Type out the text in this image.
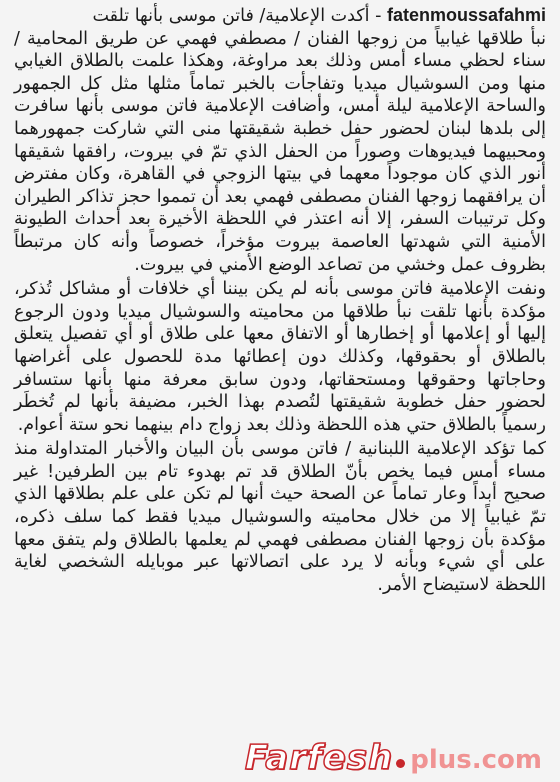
fatenmoussafahmi - أكدت الإعلامية/ فاتن موسى بأنها تلقت

نبأ طلاقها غيابياً من زوجها الفنان / مصطفي فهمي عن طريق المحامية / سناء لحظي مساء أمس وذلك بعد مراوغة، وهكذا علمت بالطلاق الغيابي منها ومن السوشيال ميديا وتفاجأت بالخبر تماماً مثلها مثل كل الجمهور والساحة الإعلامية ليلة أمس، وأضافت الإعلامية فاتن موسى بأنها سافرت إلى بلدها لبنان لحضور حفل خطبة شقيقتها منى التي شاركت جمهورهما ومحبيهما فيديوهات وصوراً من الحفل الذي تمّ في بيروت، رافقها شقيقها أنور الذي كان موجوداً معهما في بيتها الزوجي في القاهرة، وكان مفترض أن يرافقهما زوجها الفنان مصطفى فهمي بعد أن تمموا حجز تذاكر الطيران وكل ترتيبات السفر، إلا أنه اعتذر في اللحظة الأخيرة بعد أحداث الطيونة الأمنية التي شهدتها العاصمة بيروت مؤخراً، خصوصاً وأنه كان مرتبطاً بظروف عمل وخشي من تصاعد الوضع الأمني في بيروت.

ونفت الإعلامية فاتن موسى بأنه لم يكن بيننا أي خلافات أو مشاكل تُذكر، مؤكدة بأنها تلقت نبأ طلاقها من محاميته والسوشيال ميديا ودون الرجوع إليها أو إعلامها أو إخطارها أو الاتفاق معها على طلاق أو أي تفصيل يتعلق بالطلاق أو بحقوقها، وكذلك دون إعطائها مدة للحصول على أغراضها وحاجاتها وحقوقها ومستحقاتها، ودون سابق معرفة منها بأنها ستسافر لحضور حفل خطوبة شقيقتها لتُصدم بهذا الخبر، مضيفة بأنها لم تُخطَر رسمياً بالطلاق حتي هذه اللحظة وذلك بعد زواج دام بينهما نحو ستة أعوام.

كما تؤكد الإعلامية اللبنانية / فاتن موسى بأن البيان والأخبار المتداولة منذ مساء أمس فيما يخص بأنّ الطلاق قد تم بهدوء تام بين الطرفين! غير صحيح أبداً وعار تماماً عن الصحة حيث أنها لم تكن على علم بطلاقها الذي تمّ غيابياً إلا من خلال محاميته والسوشيال ميديا فقط كما سلف ذكره، مؤكدة بأن زوجها الفنان مصطفى فهمي لم يعلمها بالطلاق ولم يتفق معها على أي شيء وبأنه لا يرد على اتصالاتها عبر موبايله الشخصي لغاية اللحظة لاستيضاح الأمر.

Farfesh plus.com
